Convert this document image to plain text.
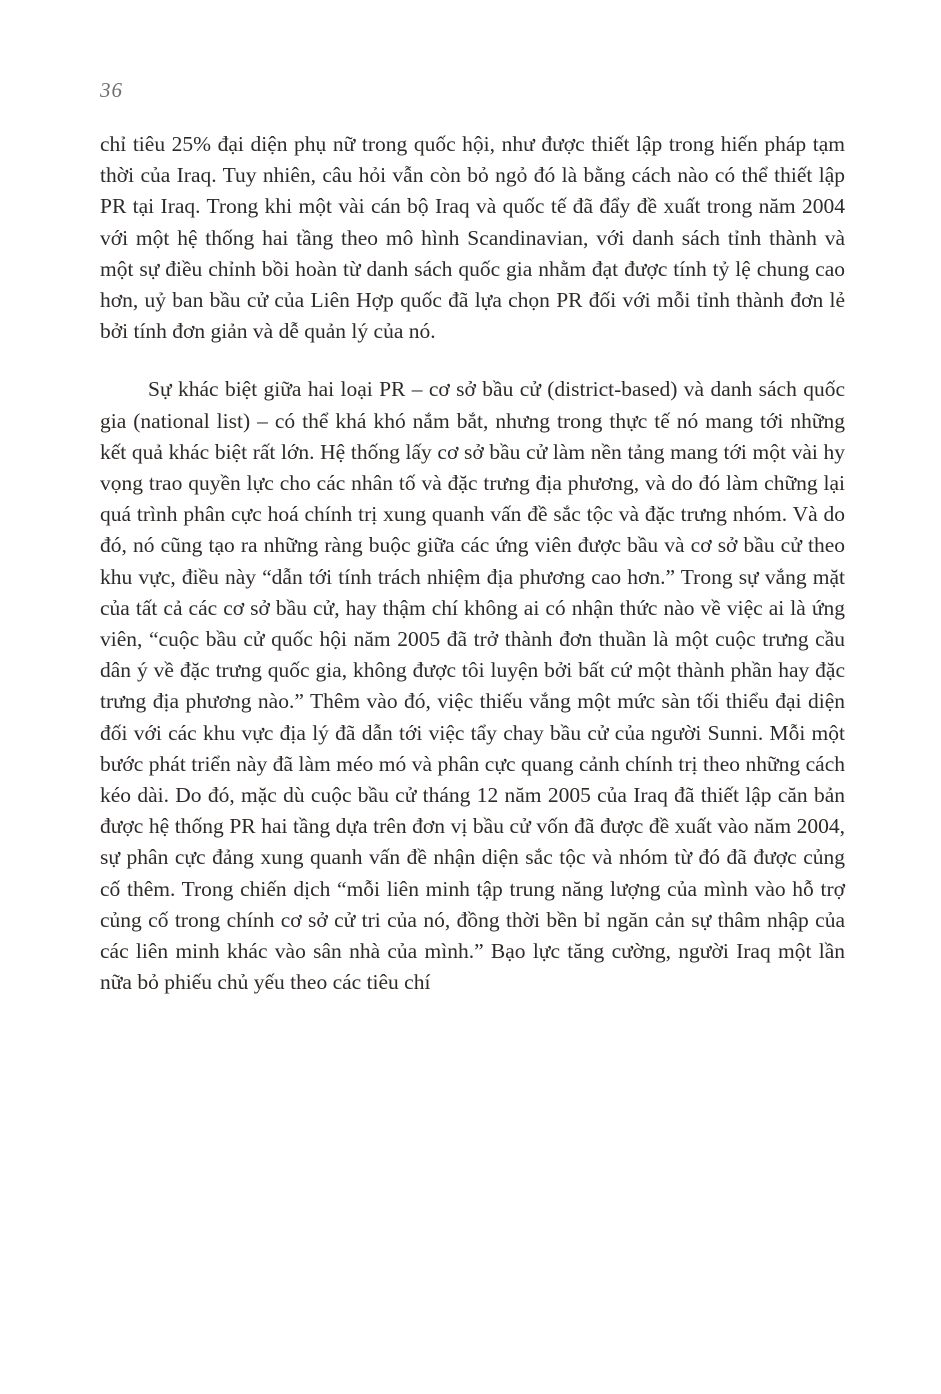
36

chỉ tiêu 25% đại diện phụ nữ trong quốc hội, như được thiết lập trong hiến pháp tạm thời của Iraq. Tuy nhiên, câu hỏi vẫn còn bỏ ngỏ đó là bằng cách nào có thể thiết lập PR tại Iraq. Trong khi một vài cán bộ Iraq và quốc tế đã đẩy đề xuất trong năm 2004 với một hệ thống hai tầng theo mô hình Scandinavian, với danh sách tỉnh thành và một sự điều chỉnh bồi hoàn từ danh sách quốc gia nhằm đạt được tính tỷ lệ chung cao hơn, uỷ ban bầu cử của Liên Hợp quốc đã lựa chọn PR đối với mỗi tỉnh thành đơn lẻ bởi tính đơn giản và dễ quản lý của nó.

Sự khác biệt giữa hai loại PR – cơ sở bầu cử (district-based) và danh sách quốc gia (national list) – có thể khá khó nắm bắt, nhưng trong thực tế nó mang tới những kết quả khác biệt rất lớn. Hệ thống lấy cơ sở bầu cử làm nền tảng mang tới một vài hy vọng trao quyền lực cho các nhân tố và đặc trưng địa phương, và do đó làm chững lại quá trình phân cực hoá chính trị xung quanh vấn đề sắc tộc và đặc trưng nhóm. Và do đó, nó cũng tạo ra những ràng buộc giữa các ứng viên được bầu và cơ sở bầu cử theo khu vực, điều này “dẫn tới tính trách nhiệm địa phương cao hơn.” Trong sự vắng mặt của tất cả các cơ sở bầu cử, hay thậm chí không ai có nhận thức nào về việc ai là ứng viên, “cuộc bầu cử quốc hội năm 2005 đã trở thành đơn thuần là một cuộc trưng cầu dân ý về đặc trưng quốc gia, không được tôi luyện bởi bất cứ một thành phần hay đặc trưng địa phương nào.” Thêm vào đó, việc thiếu vắng một mức sàn tối thiểu đại diện đối với các khu vực địa lý đã dẫn tới việc tẩy chay bầu cử của người Sunni. Mỗi một bước phát triển này đã làm méo mó và phân cực quang cảnh chính trị theo những cách kéo dài. Do đó, mặc dù cuộc bầu cử tháng 12 năm 2005 của Iraq đã thiết lập căn bản được hệ thống PR hai tầng dựa trên đơn vị bầu cử vốn đã được đề xuất vào năm 2004, sự phân cực đảng xung quanh vấn đề nhận diện sắc tộc và nhóm từ đó đã được củng cố thêm. Trong chiến dịch “mỗi liên minh tập trung năng lượng của mình vào hỗ trợ củng cố trong chính cơ sở cử tri của nó, đồng thời bền bỉ ngăn cản sự thâm nhập của các liên minh khác vào sân nhà của mình.” Bạo lực tăng cường, người Iraq một lần nữa bỏ phiếu chủ yếu theo các tiêu chí
